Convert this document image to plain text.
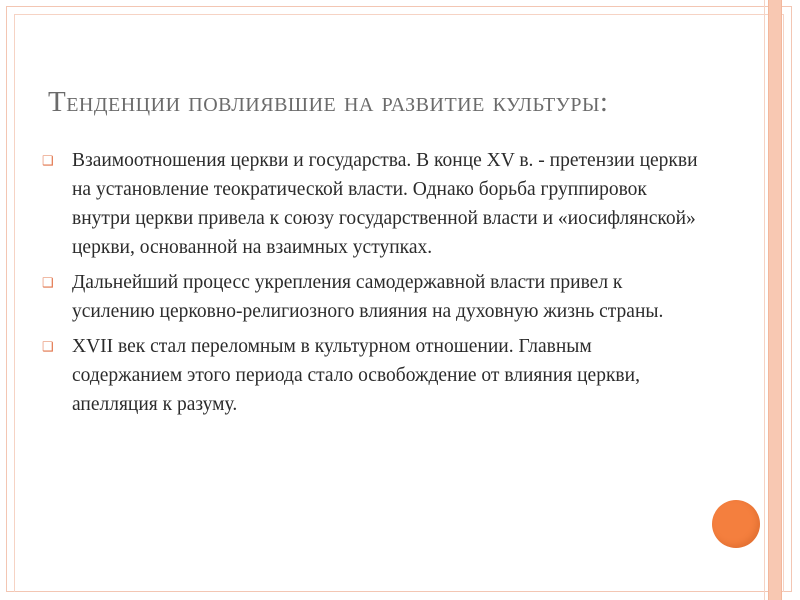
Тенденции повлиявшие на развитие культуры:
❑ Взаимоотношения церкви и государства. В конце XV в. - претензии церкви на установление теократической власти. Однако борьба группировок внутри церкви привела к союзу государственной власти и «иосифлянской» церкви, основанной на взаимных уступках.
❑ Дальнейший процесс укрепления самодержавной власти привел к усилению церковно-религиозного влияния на духовную жизнь страны.
❑ XVII век стал переломным в культурном отношении. Главным содержанием этого периода стало освобождение от влияния церкви, апелляция к разуму.
